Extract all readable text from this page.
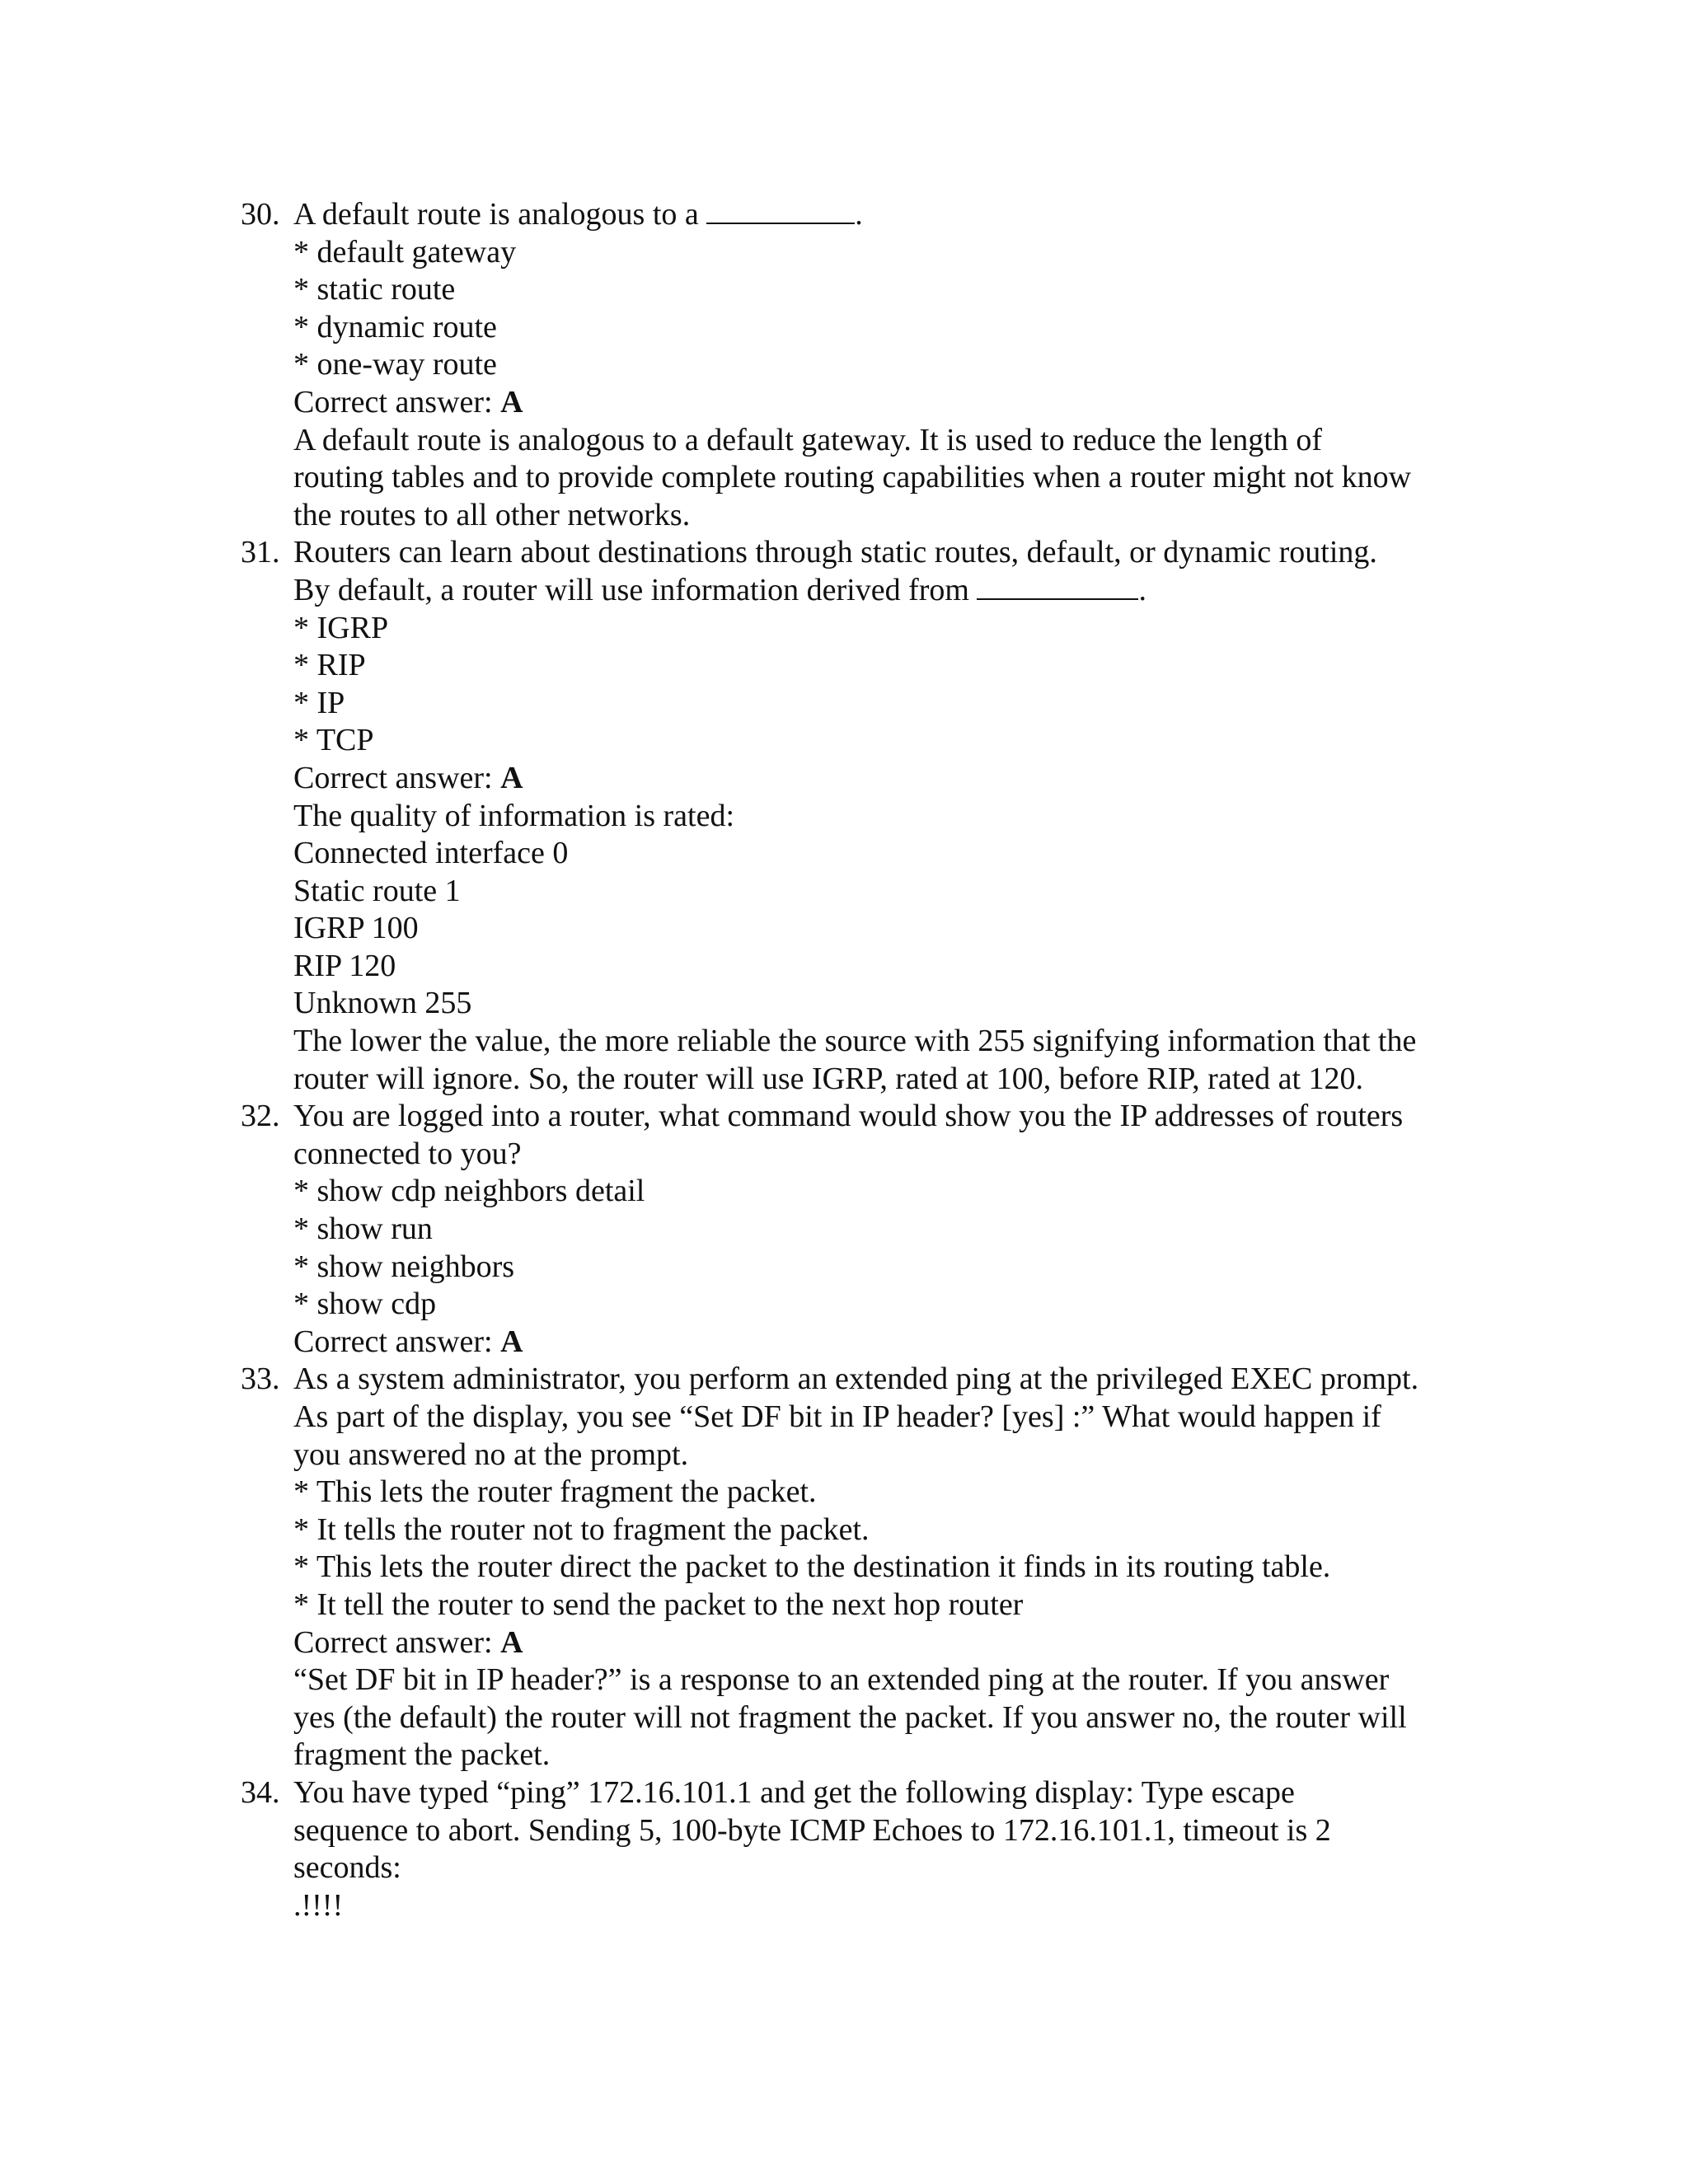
30. A default route is analogous to a	.
* default gateway
* static route
* dynamic route
* one-way route
Correct answer: A
A default route is analogous to a default gateway. It is used to reduce the length of
routing tables and to provide complete routing capabilities when a router might not know
the routes to all other networks.
31. Routers can learn about destinations through static routes, default, or dynamic routing.
By default, a router will use information derived from	.
* IGRP
* RIP
* IP
* TCP
Correct answer: A
The quality of information is rated:
Connected interface 0
Static route 1
IGRP 100
RIP 120
Unknown 255
The lower the value, the more reliable the source with 255 signifying information that the
router will ignore. So, the router will use IGRP, rated at 100, before RIP, rated at 120.
32. You are logged into a router, what command would show you the IP addresses of routers
connected to you?
* show cdp neighbors detail
* show run
* show neighbors
* show cdp
Correct answer: A
33. As a system administrator, you perform an extended ping at the privileged EXEC prompt.
As part of the display, you see “Set DF bit in IP header? [yes] :” What would happen if
you answered no at the prompt.
* This lets the router fragment the packet.
* It tells the router not to fragment the packet.
* This lets the router direct the packet to the destination it finds in its routing table.
* It tell the router to send the packet to the next hop router
Correct answer: A
“Set DF bit in IP header?” is a response to an extended ping at the router. If you answer
yes (the default) the router will not fragment the packet. If you answer no, the router will
fragment the packet.
34. You have typed “ping” 172.16.101.1 and get the following display: Type escape
sequence to abort. Sending 5, 100-byte ICMP Echoes to 172.16.101.1, timeout is 2
seconds:
.!!!!
